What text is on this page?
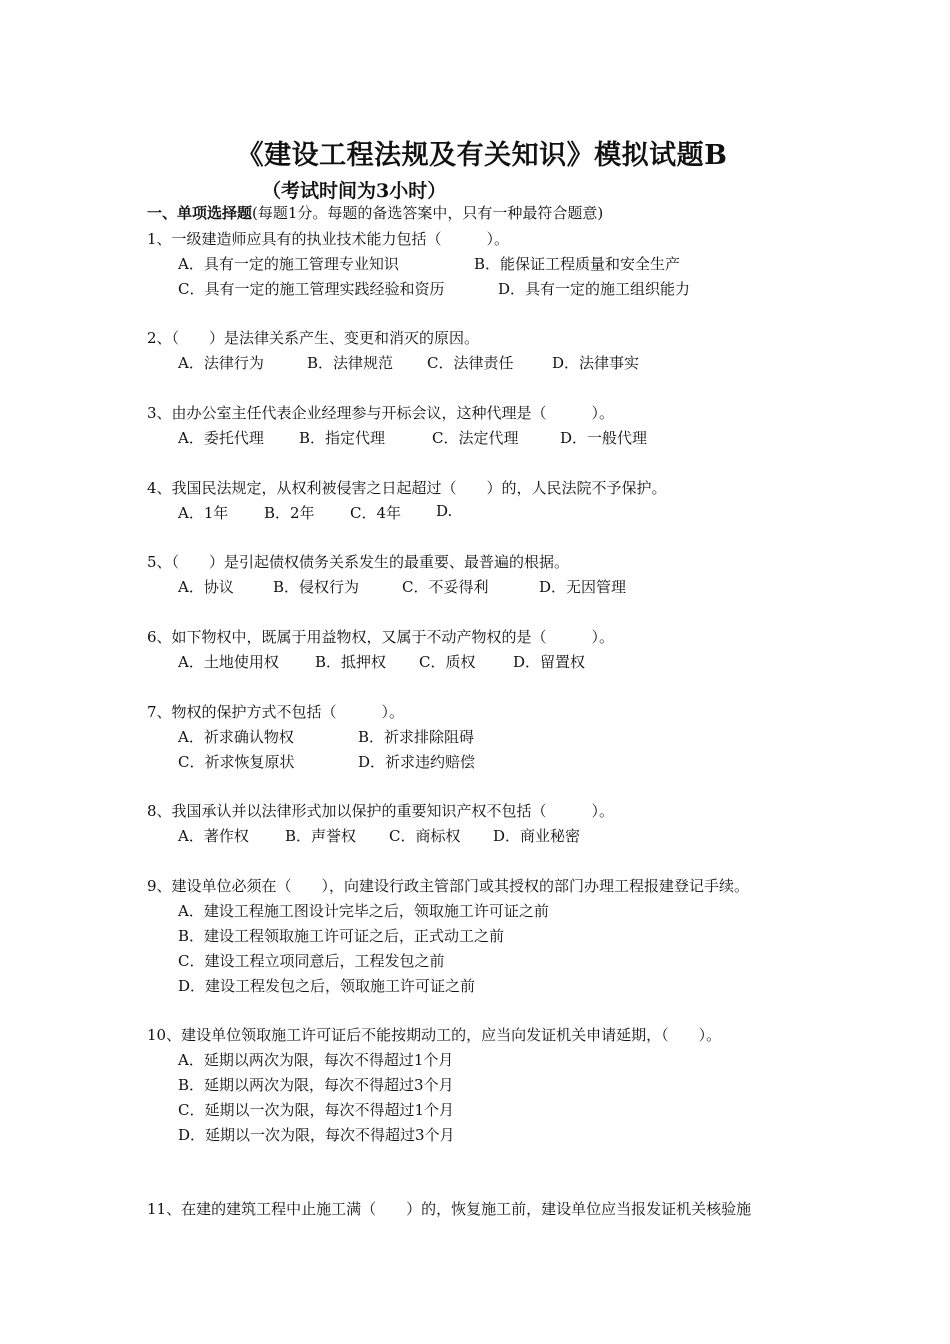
《建设工程法规及有关知识》模拟试题B
（考试时间为3小时）
一、单项选择题(每题1分。每题的备选答案中，只有一种最符合题意)
1、一级建造师应具有的执业技术能力包括（　　　）。
A．具有一定的施工管理专业知识	B．能保证工程质量和安全生产
C．具有一定的施工管理实践经验和资历	D．具有一定的施工组织能力
2、（　　）是法律关系产生、变更和消灭的原因。
A．法律行为	B．法律规范 C．法律责任	D．法律事实
3、由办公室主任代表企业经理参与开标会议，这种代理是（　　　）。
A．委托代理 B．指定代理	C．法定代理	D．一般代理
4、我国民法规定，从权利被侵害之日起超过（　　）的，人民法院不予保护。
A．1年 B．2年 C．4年 D.
5、（　　）是引起债权债务关系发生的最重要、最普遍的根据。
A．协议	B．侵权行为	C．不妥得利	D．无因管理
6、如下物权中，既属于用益物权，又属于不动产物权的是（　　　）。
A．土地使用权 B．抵押权 C．质权	D．留置权
7、物权的保护方式不包括（　　　）。
A．祈求确认物权	B．祈求排除阻碍
C．祈求恢复原状	D．祈求违约赔偿
8、我国承认并以法律形式加以保护的重要知识产权不包括（　　　）。
A．著作权 B．声誉权 C．商标权 D．商业秘密
9、建设单位必须在（　　），向建设行政主管部门或其授权的部门办理工程报建登记手续。
A．建设工程施工图设计完毕之后，领取施工许可证之前
B．建设工程领取施工许可证之后，正式动工之前
C．建设工程立项同意后，工程发包之前
D．建设工程发包之后，领取施工许可证之前
10、建设单位领取施工许可证后不能按期动工的，应当向发证机关申请延期，（　　）。
A．延期以两次为限，每次不得超过1个月
B．延期以两次为限，每次不得超过3个月
C．延期以一次为限，每次不得超过1个月
D．延期以一次为限，每次不得超过3个月
11、在建的建筑工程中止施工满（　　）的，恢复施工前，建设单位应当报发证机关核验施
